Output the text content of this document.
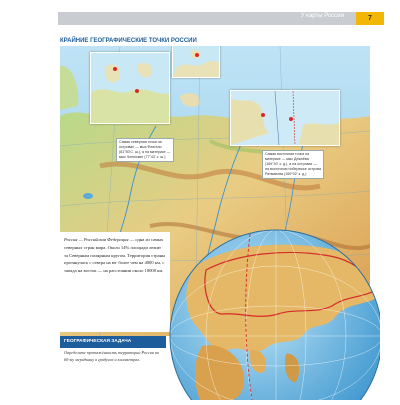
У карты России	7
КРАЙНИЕ ГЕОГРАФИЧЕСКИЕ ТОЧКИ РОССИИ
Самая северная точка на островах — мыс Флигели (81°50'С. ш.), а на материке — мыс Челюскин (77°43' с. ш.)
Самая восточная точка на материке — мыс Дежнёва (169°40' з. д.), а на островах — на восточном побережье острова Ратманова (169°02' з. д.)
Россия — Российская Федерация — одна из самых северных стран мира. Около 14% площади лежит за Северным полярным кругом. Территория страны протянулась с севера на юг более чем на 4000 км, с запада на восток — на расстоянии около 10000 км.
ГЕОГРАФИЧЕСКАЯ ЗАДАЧА
Определите протяжённость территории России по 60-му меридиану в градусах и километрах.
